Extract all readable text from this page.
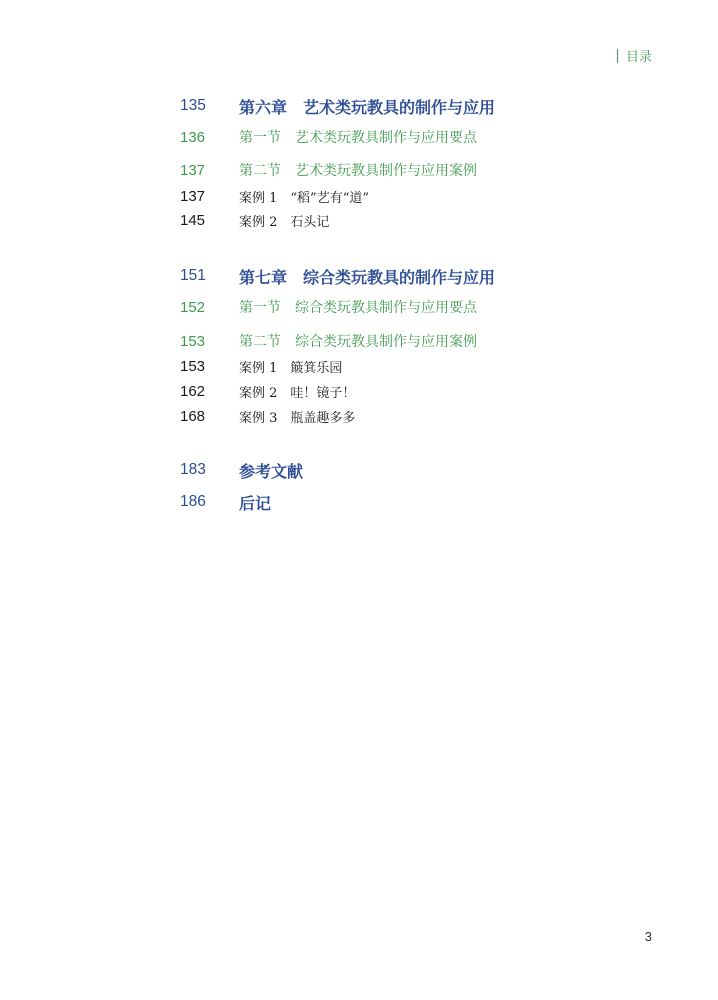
目录
135	第六章　艺术类玩教具的制作与应用
136	第一节　艺术类玩教具制作与应用要点
137	第二节　艺术类玩教具制作与应用案例
137	案例 1　“稻”艺有“道”
145	案例 2　石头记
151	第七章　综合类玩教具的制作与应用
152	第一节　综合类玩教具制作与应用要点
153	第二节　综合类玩教具制作与应用案例
153	案例 1　簸箕乐园
162	案例 2　哇！镜子！
168	案例 3　瓶盖趣多多
183	参考文献
186	后记
3
